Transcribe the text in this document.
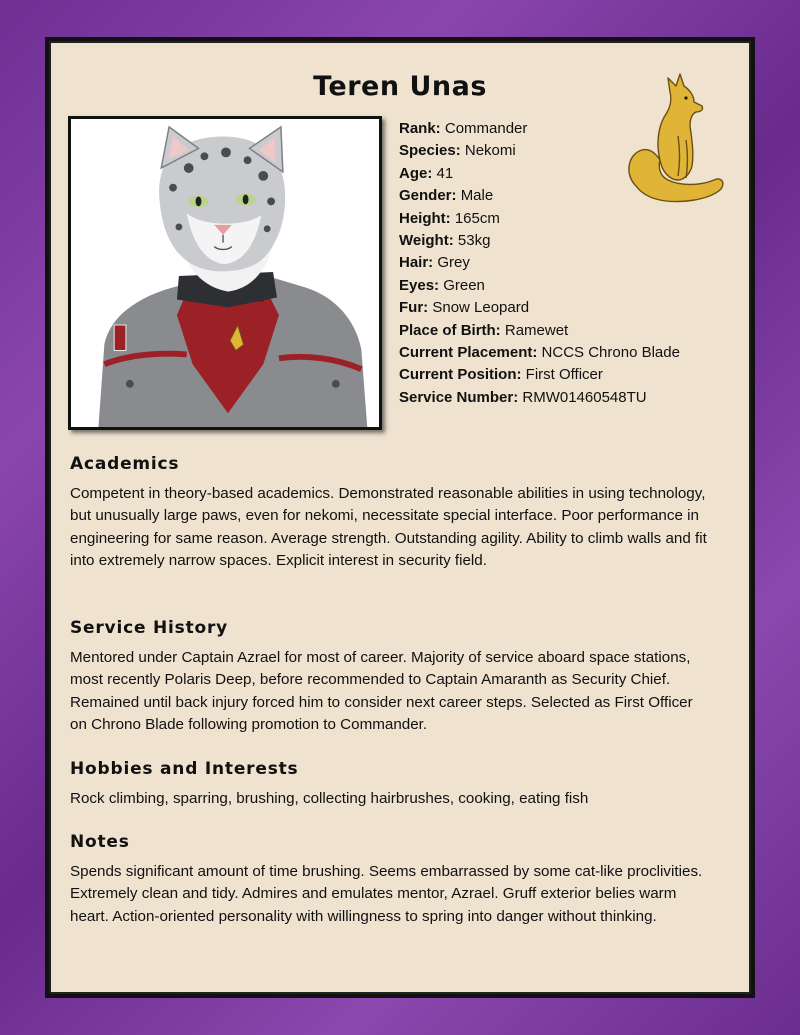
Teren Unas
Rank: Commander
Species: Nekomi
Age: 41
Gender: Male
Height: 165cm
Weight: 53kg
Hair: Grey
Eyes: Green
Fur: Snow Leopard
Place of Birth: Ramewet
Current Placement: NCCS Chrono Blade
Current Position: First Officer
Service Number: RMW01460548TU
Academics
Competent in theory-based academics. Demonstrated reasonable abilities in using technology, but unusually large paws, even for nekomi, necessitate special interface. Poor performance in engineering for same reason. Average strength. Outstanding agility. Ability to climb walls and fit into extremely narrow spaces. Explicit interest in security field.
Service History
Mentored under Captain Azrael for most of career. Majority of service aboard space stations, most recently Polaris Deep, before recommended to Captain Amaranth as Security Chief. Remained until back injury forced him to consider next career steps. Selected as First Officer on Chrono Blade following promotion to Commander.
Hobbies and Interests
Rock climbing, sparring, brushing, collecting hairbrushes, cooking, eating fish
Notes
Spends significant amount of time brushing. Seems embarrassed by some cat-like proclivities. Extremely clean and tidy. Admires and emulates mentor, Azrael. Gruff exterior belies warm heart. Action-oriented personality with willingness to spring into danger without thinking.
